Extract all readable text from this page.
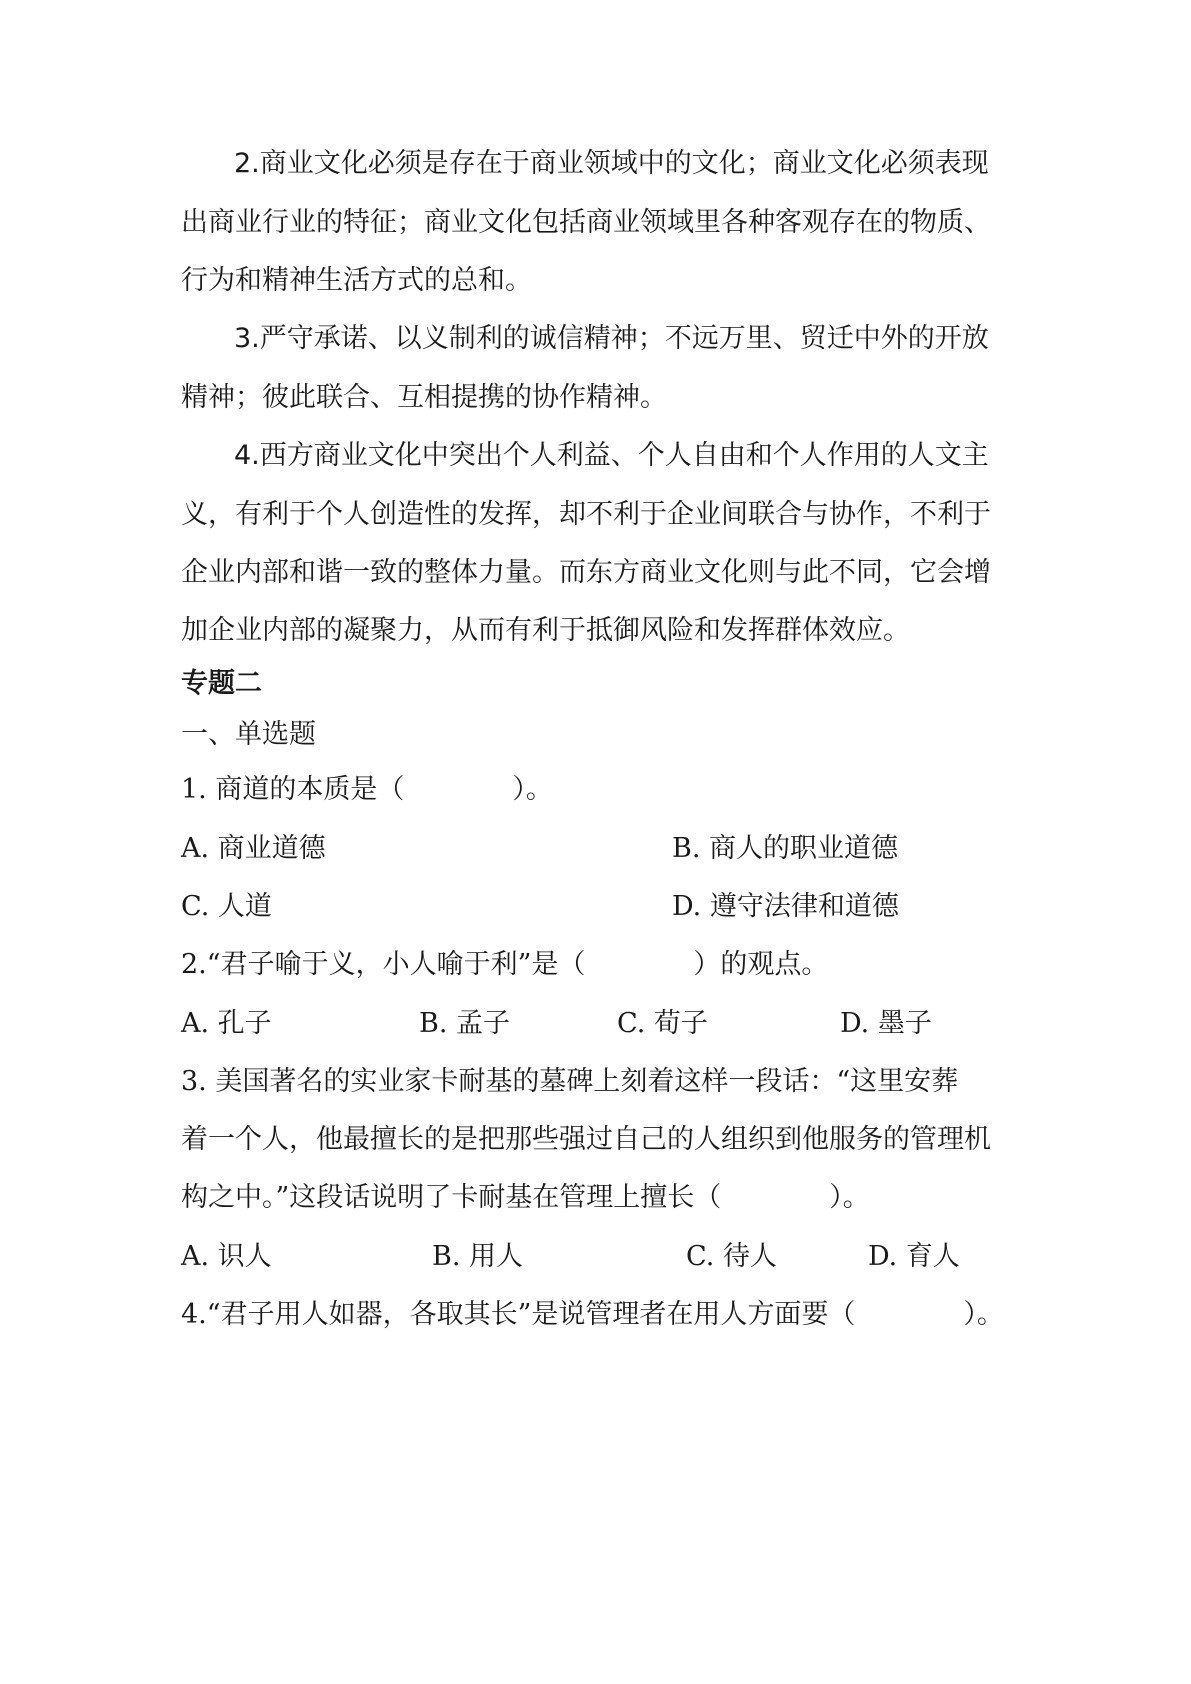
2.商业文化必须是存在于商业领域中的文化；商业文化必须表现
出商业行业的特征；商业文化包括商业领域里各种客观存在的物质、
行为和精神生活方式的总和。
3.严守承诺、以义制利的诚信精神；不远万里、贸迁中外的开放
精神；彼此联合、互相提携的协作精神。
4.西方商业文化中突出个人利益、个人自由和个人作用的人文主
义，有利于个人创造性的发挥，却不利于企业间联合与协作，不利于
企业内部和谐一致的整体力量。而东方商业文化则与此不同，它会增
加企业内部的凝聚力，从而有利于抵御风险和发挥群体效应。
专题二
一、单选题
1. 商道的本质是（　　　　）。
A. 商业道德	B. 商人的职业道德
C. 人道	D. 遵守法律和道德
2.“君子喻于义，小人喻于利”是（　　　　）的观点。
A. 孔子	B. 孟子	C. 荀子	D. 墨子
3. 美国著名的实业家卡耐基的墓碑上刻着这样一段话：“这里安葬
着一个人，他最擅长的是把那些强过自己的人组织到他服务的管理机
构之中。”这段话说明了卡耐基在管理上擅长（　　　　）。
A. 识人	B. 用人	C. 待人	D. 育人
4.“君子用人如器，各取其长”是说管理者在用人方面要（　　　　）。
